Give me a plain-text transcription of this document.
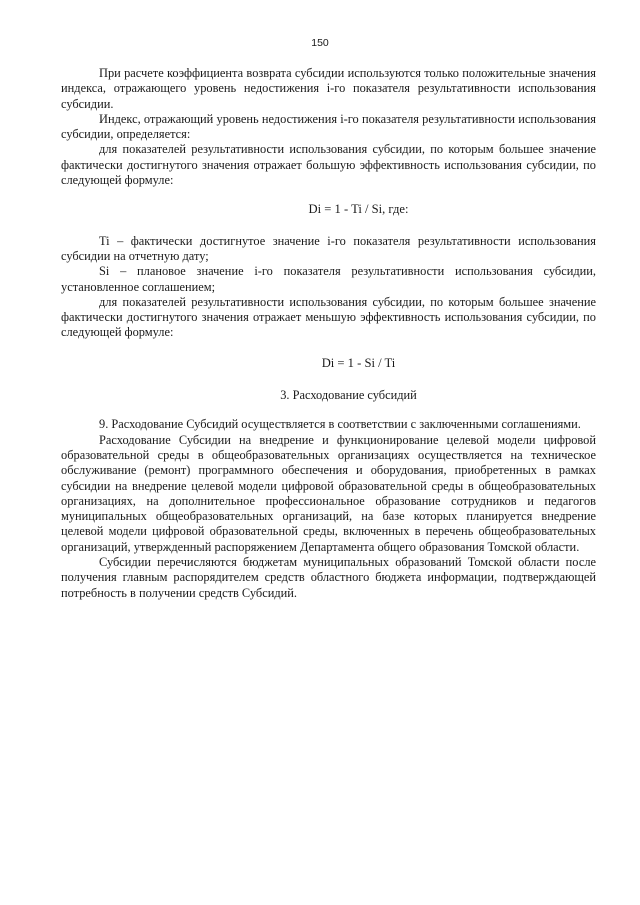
150

При расчете коэффициента возврата субсидии используются только положительные значения индекса, отражающего уровень недостижения i-го показателя результативности использования субсидии.

Индекс, отражающий уровень недостижения i-го показателя результативности использования субсидии, определяется:

для показателей результативности использования субсидии, по которым большее значение фактически достигнутого значения отражает большую эффективность использования субсидии, по следующей формуле:

Di = 1 - Ti / Si, где:

Ti – фактически достигнутое значение i-го показателя результативности использования субсидии на отчетную дату;

Si – плановое значение i-го показателя результативности использования субсидии, установленное соглашением;

для показателей результативности использования субсидии, по которым большее значение фактически достигнутого значения отражает меньшую эффективность использования субсидии, по следующей формуле:

Di = 1 - Si / Ti
3. Расходование субсидий

9. Расходование Субсидий осуществляется в соответствии с заключенными соглашениями.

Расходование Субсидии на внедрение и функционирование целевой модели цифровой образовательной среды в общеобразовательных организациях осуществляется на техническое обслуживание (ремонт) программного обеспечения и оборудования, приобретенных в рамках субсидии на внедрение целевой модели цифровой образовательной среды в общеобразовательных организациях, на дополнительное профессиональное образование сотрудников и педагогов муниципальных общеобразовательных организаций, на базе которых планируется внедрение целевой модели цифровой образовательной среды, включенных в перечень общеобразовательных организаций, утвержденный распоряжением Департамента общего образования Томской области.

Субсидии перечисляются бюджетам муниципальных образований Томской области после получения главным распорядителем средств областного бюджета информации, подтверждающей потребность в получении средств Субсидий.
